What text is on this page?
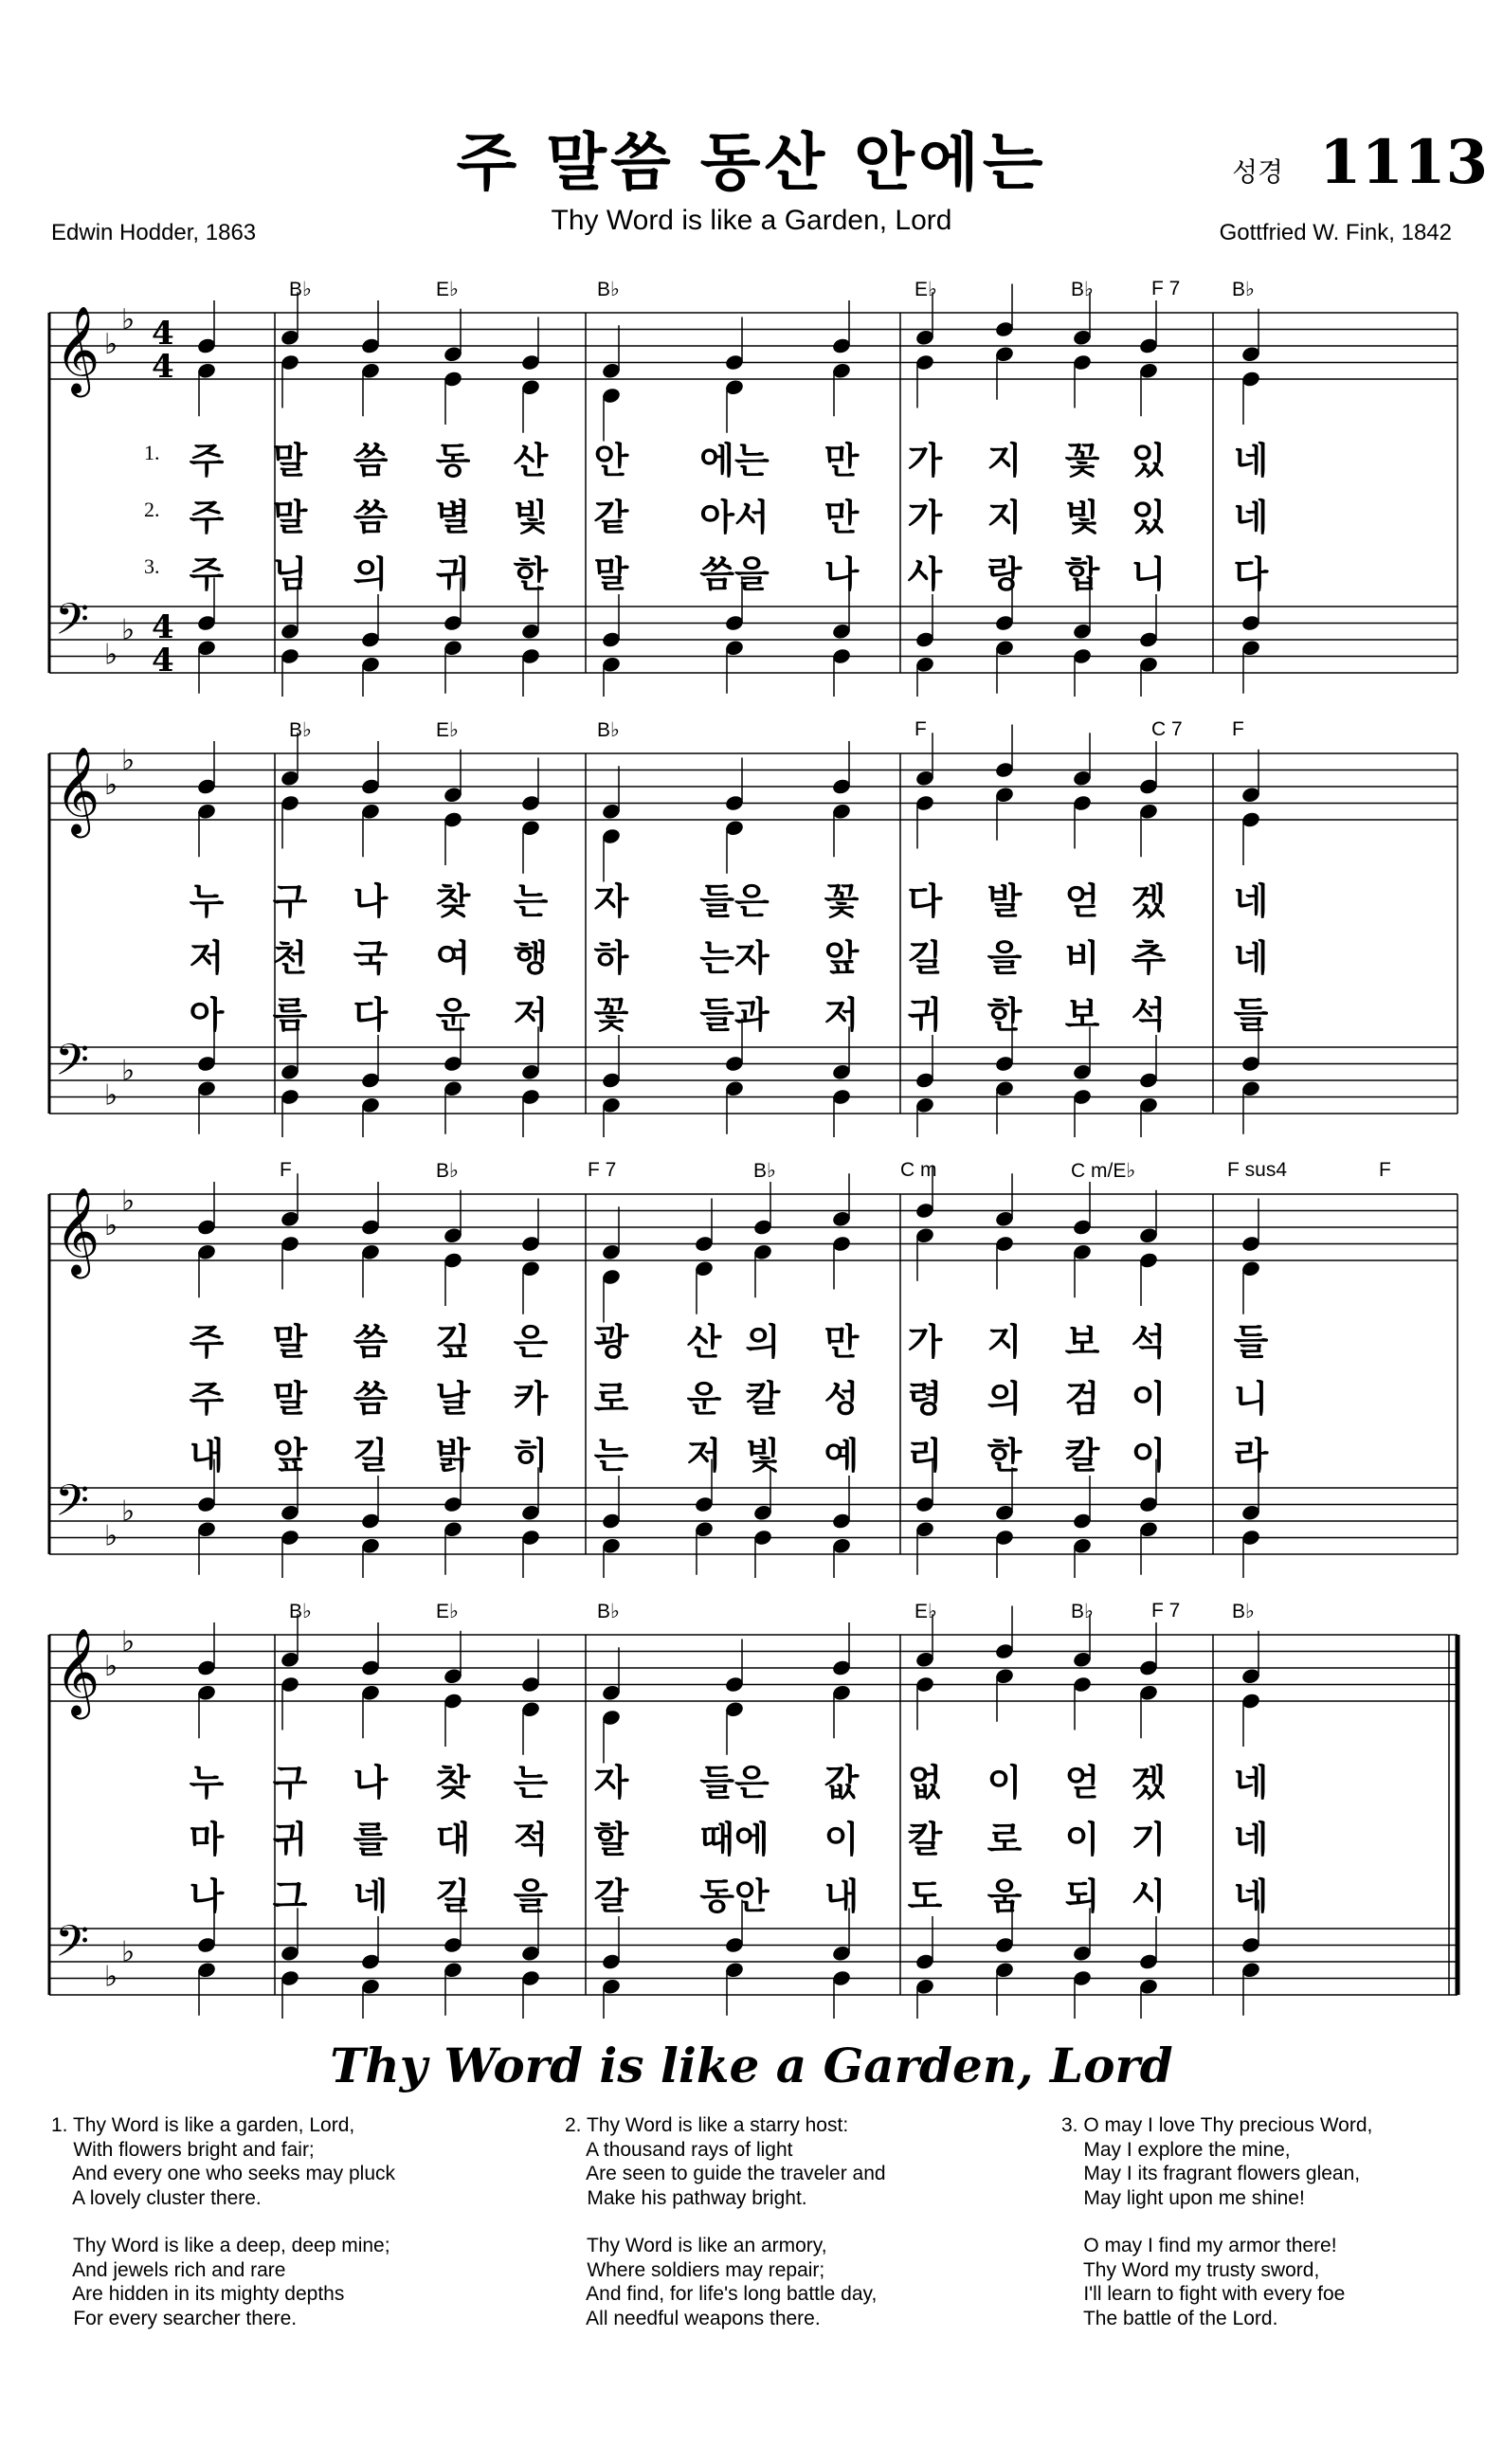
주 말씀 동산 안에는
Thy Word is like a Garden, Lord
Edwin Hodder, 1863	Gottfried W. Fink, 1842
성경 1113
𝄞 ♭
♭ 4
4
𝄢 ♭
♭ 4
4
B♭	E♭	B♭	E♭	B♭	F 7	B♭
1.
2.
3.
주 말 씀 동 산 안 에는 만 가 지 꽃 있 네
주 말 씀 별 빛 같 아서 만 가 지 빛 있 네
주 님 의 귀 한 말 씀을 나 사 랑 합 니 다
𝄞 ♭
♭
𝄢 ♭
♭
B♭	E♭	B♭	F	C 7 F
누 구 나 찾 는 자 들은 꽃 다 발 얻 겠 네
저 천 국 여 행 하 는자 앞 길 을 비 추 네
아 름 다 운 저 꽃 들과 저 귀 한 보 석 들
𝄞 ♭
♭
𝄢 ♭
♭
F	B♭	F 7	B♭	C m	C m/E♭	F sus4	F
주 말 씀 깊 은 광 산 의 만 가 지 보 석 들
주 말 씀 날 카 로 운 칼 성 령 의 검 이 니
내 앞 길 밝 히 는 저 빛 예 리 한 칼 이 라
𝄞 ♭
♭
𝄢 ♭
♭
B♭	E♭	B♭	E♭	B♭	F 7	B♭
누 구 나 찾 는 자 들은 값 없 이 얻 겠 네
마 귀 를 대 적 할 때에 이 칼 로 이 기 네
나 그 네 길 을 갈 동안 내 도 움 되 시 네
Thy Word is like a Garden, Lord
1. Thy Word is like a garden, Lord,
With flowers bright and fair;
And every one who seeks may pluck
A lovely cluster there.
Thy Word is like a deep, deep mine;
And jewels rich and rare
Are hidden in its mighty depths
For every searcher there.
2. Thy Word is like a starry host:
A thousand rays of light
Are seen to guide the traveler and
Make his pathway bright.
Thy Word is like an armory,
Where soldiers may repair;
And find, for life's long battle day,
All needful weapons there.
3. O may I love Thy precious Word,
May I explore the mine,
May I its fragrant flowers glean,
May light upon me shine!
O may I find my armor there!
Thy Word my trusty sword,
I'll learn to fight with every foe
The battle of the Lord.
